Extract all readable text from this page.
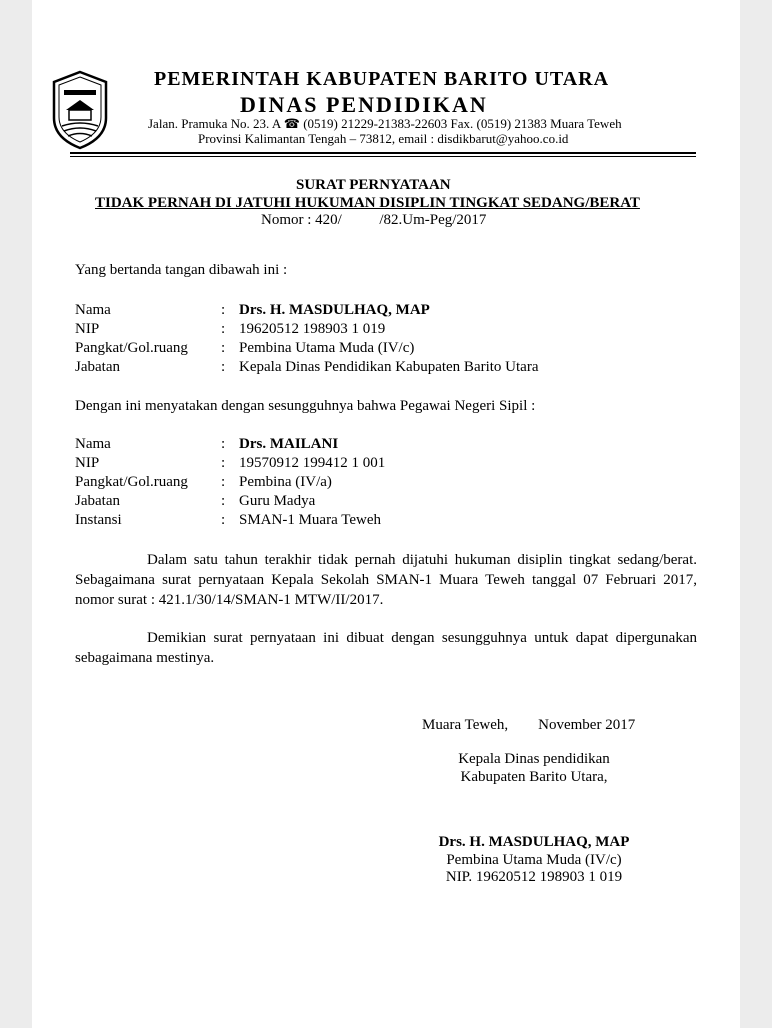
PEMERINTAH KABUPATEN BARITO UTARA
DINAS PENDIDIKAN
Jalan. Pramuka No. 23. A ☎ (0519) 21229-21383-22603 Fax. (0519) 21383 Muara Teweh
Provinsi Kalimantan Tengah – 73812, email : disdikbarut@yahoo.co.id
SURAT PERNYATAAN
TIDAK PERNAH DI JATUHI HUKUMAN DISIPLIN TINGKAT SEDANG/BERAT
Nomor : 420/          /82.Um-Peg/2017
Yang bertanda tangan dibawah ini :
Nama	: Drs. H. MASDULHAQ, MAP
NIP	: 19620512 198903 1 019
Pangkat/Gol.ruang : Pembina Utama Muda (IV/c)
Jabatan	: Kepala Dinas Pendidikan Kabupaten Barito Utara
Dengan ini menyatakan dengan sesungguhnya bahwa Pegawai Negeri Sipil :
Nama	: Drs. MAILANI
NIP	: 19570912 199412 1 001
Pangkat/Gol.ruang : Pembina (IV/a)
Jabatan	: Guru Madya
Instansi	: SMAN-1 Muara Teweh
Dalam satu tahun terakhir tidak pernah dijatuhi hukuman disiplin tingkat sedang/berat. Sebagaimana surat pernyataan Kepala Sekolah SMAN-1 Muara Teweh tanggal 07 Februari 2017, nomor surat : 421.1/30/14/SMAN-1 MTW/II/2017.
Demikian surat pernyataan ini dibuat dengan sesungguhnya untuk dapat dipergunakan sebagaimana mestinya.
Muara Teweh,        November 2017
Kepala Dinas pendidikan
Kabupaten Barito Utara,
Drs. H. MASDULHAQ, MAP
Pembina Utama Muda (IV/c)
NIP. 19620512 198903 1 019
